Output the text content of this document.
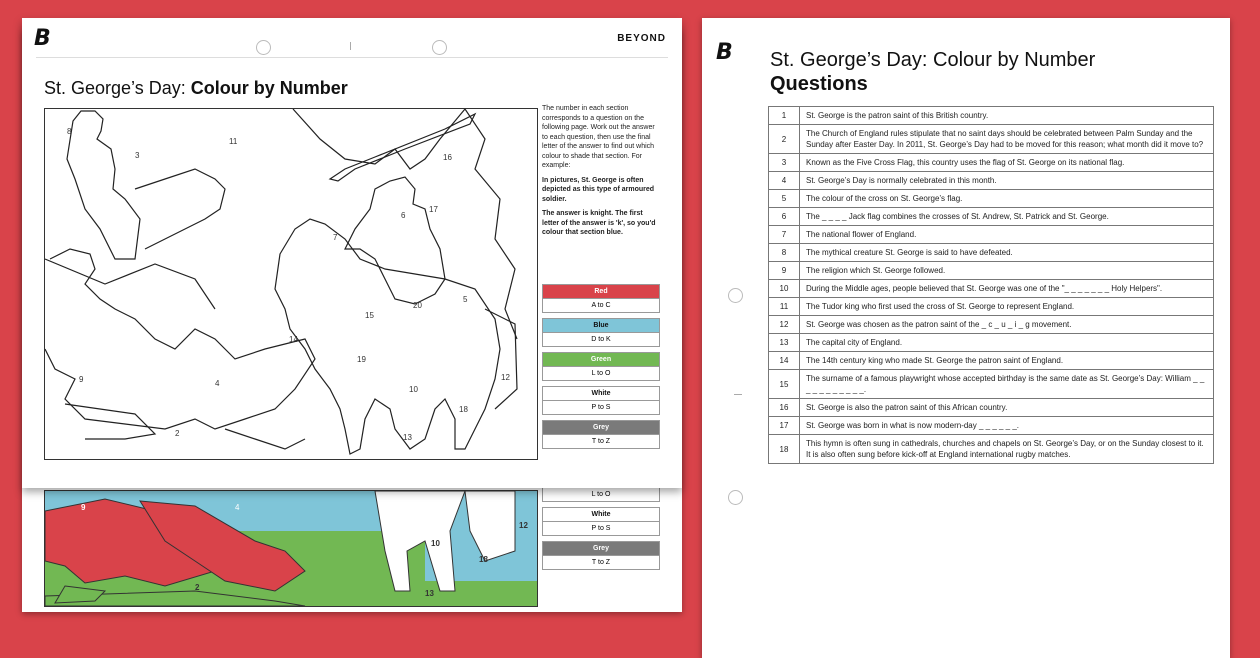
9	4
2
10
18
12
13
L to O
White
P to S
Grey
T to Z
B	BEYOND
St. George’s Day: Colour by Number
11
3	16
6
17
7
15
20
5
14
19
4
9
10
18
12
2	13
8

The number in each section corresponds to a question on the following page. Work out the answer to each question, then use the final letter of the answer to find out which colour to shade that section. For example:

In pictures, St. George is often depicted as this type of armoured soldier.

The answer is knight. The first letter of the answer is 'k', so you'd colour that section blue.

Red
A to C
Blue
D to K
Green
L to O
White
P to S
Grey
T to Z
B St. George’s Day: Colour by Number
Questions
1	St. George is the patron saint of this British country.
2	The Church of England rules stipulate that no saint days should be celebrated between Palm Sunday and the Sunday after Easter Day. In 2011, St. George’s Day had to be moved for this reason; what month did it move to?
3	Known as the Five Cross Flag, this country uses the flag of St. George on its national flag.
4	St. George’s Day is normally celebrated in this month.
5	The colour of the cross on St. George’s flag.
6	The _ _ _ _ Jack flag combines the crosses of St. Andrew, St. Patrick and St. George.
7	The national flower of England.
8	The mythical creature St. George is said to have defeated.
9	The religion which St. George followed.
10	During the Middle ages, people believed that St. George was one of the "_ _ _ _ _ _ _ Holy Helpers".
11	The Tudor king who first used the cross of St. George to represent England.
12	St. George was chosen as the patron saint of the _ c _ u _ i _ g movement.
13	The capital city of England.
14	The 14th century king who made St. George the patron saint of England.
15	The surname of a famous playwright whose accepted birthday is the same date as St. George’s Day: William _ _ _ _ _ _ _ _ _ _ _.
16	St. George is also the patron saint of this African country.
17	St. George was born in what is now modern-day _ _ _ _ _ _.
18	This hymn is often sung in cathedrals, churches and chapels on St. George’s Day, or on the Sunday closest to it. It is also often sung before kick-off at England international rugby matches.
